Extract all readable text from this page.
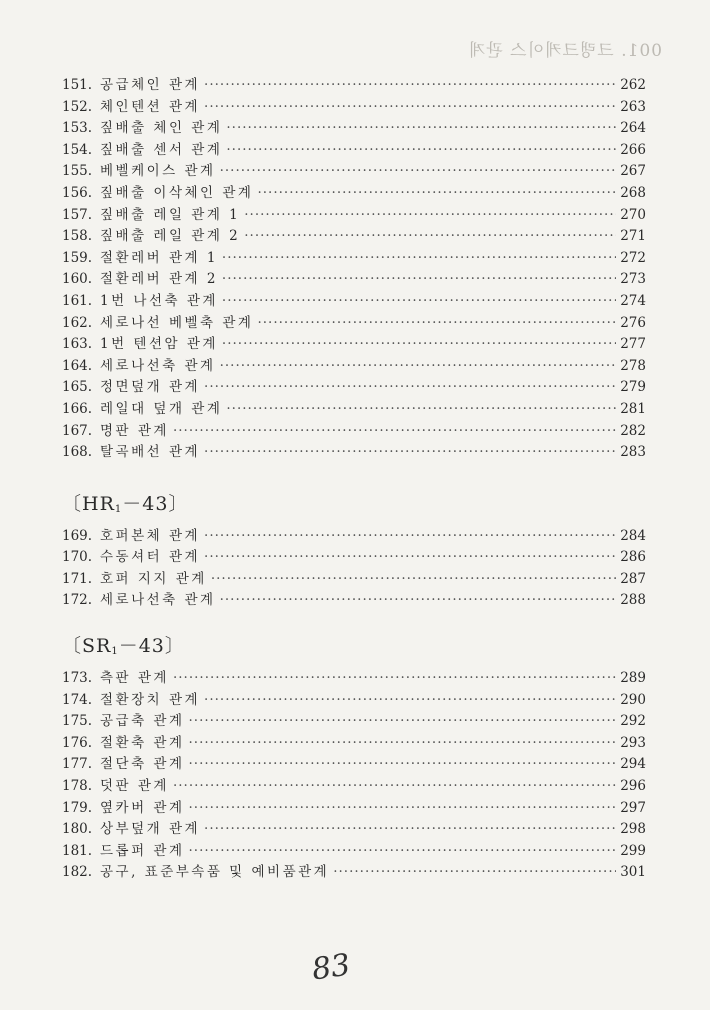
001. 크랭크케이스 관계
151. 공급체인 관계 ·····	262
152. 체인텐션 관계 ·····	263
153. 짚배출 체인 관계 ·····	264
154. 짚배출 센서 관계 ·····	266
155. 베벨케이스 관계 ·····	267
156. 짚배출 이삭체인 관계 ·····	268
157. 짚배출 레일 관계 1 ·····	270
158. 짚배출 레일 관계 2 ·····	271
159. 절환레버 관계 1 ·····	272
160. 절환레버 관계 2 ·····	273
161. 1번 나선축 관계 ·····	274
162. 세로나선 베벨축 관계 ·····	276
163. 1번 텐션암 관계 ·····	277
164. 세로나선축 관계 ·····	278
165. 정면덮개 관계 ·····	279
166. 레일대 덮개 관계 ·····	281
167. 명판 관계 ·····	282
168. 탈곡배선 관계 ·····	283
〔$HR_1-43$〕
169. 호퍼본체 관계 ·····	284
170. 수동셔터 관계 ·····	286
171. 호퍼 지지 관계 ·····	287
172. 세로나선축 관계 ·····	288
〔$SR_1-43$〕
173. 측판 관계 ·····	289
174. 절환장치 관계 ·····	290
175. 공급축 관계 ·····	292
176. 절환축 관계 ·····	293
177. 절단축 관계 ·····	294
178. 덧판 관계 ·····	296
179. 옆카버 관계 ·····	297
180. 상부덮개 관계 ·····	298
181. 드롭퍼 관계 ·····	299
182. 공구, 표준부속품 및 예비품관계 ·····	301
83
